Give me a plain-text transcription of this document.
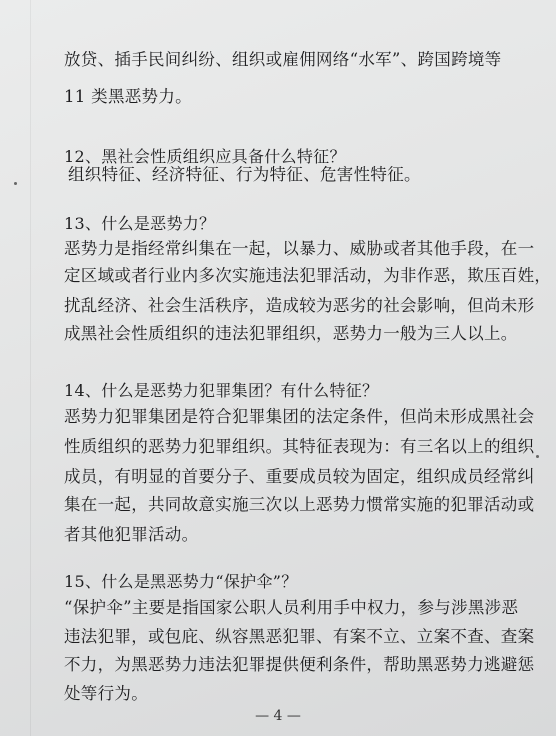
放贷、插手民间纠纷、组织或雇佣网络“水军”、跨国跨境等
11 类黑恶势力。
12、黑社会性质组织应具备什么特征？
组织特征、经济特征、行为特征、危害性特征。
13、什么是恶势力？
恶势力是指经常纠集在一起，以暴力、威胁或者其他手段，在一
定区域或者行业内多次实施违法犯罪活动，为非作恶，欺压百姓，
扰乱经济、社会生活秩序，造成较为恶劣的社会影响，但尚未形
成黑社会性质组织的违法犯罪组织，恶势力一般为三人以上。
14、什么是恶势力犯罪集团？有什么特征？
恶势力犯罪集团是符合犯罪集团的法定条件，但尚未形成黑社会
性质组织的恶势力犯罪组织。其特征表现为：有三名以上的组织
成员，有明显的首要分子、重要成员较为固定，组织成员经常纠
集在一起，共同故意实施三次以上恶势力惯常实施的犯罪活动或
者其他犯罪活动。
15、什么是黑恶势力“保护伞”？
“保护伞”主要是指国家公职人员利用手中权力，参与涉黑涉恶
违法犯罪，或包庇、纵容黑恶犯罪、有案不立、立案不查、查案
不力，为黑恶势力违法犯罪提供便利条件，帮助黑恶势力逃避惩
处等行为。
— 4 —
